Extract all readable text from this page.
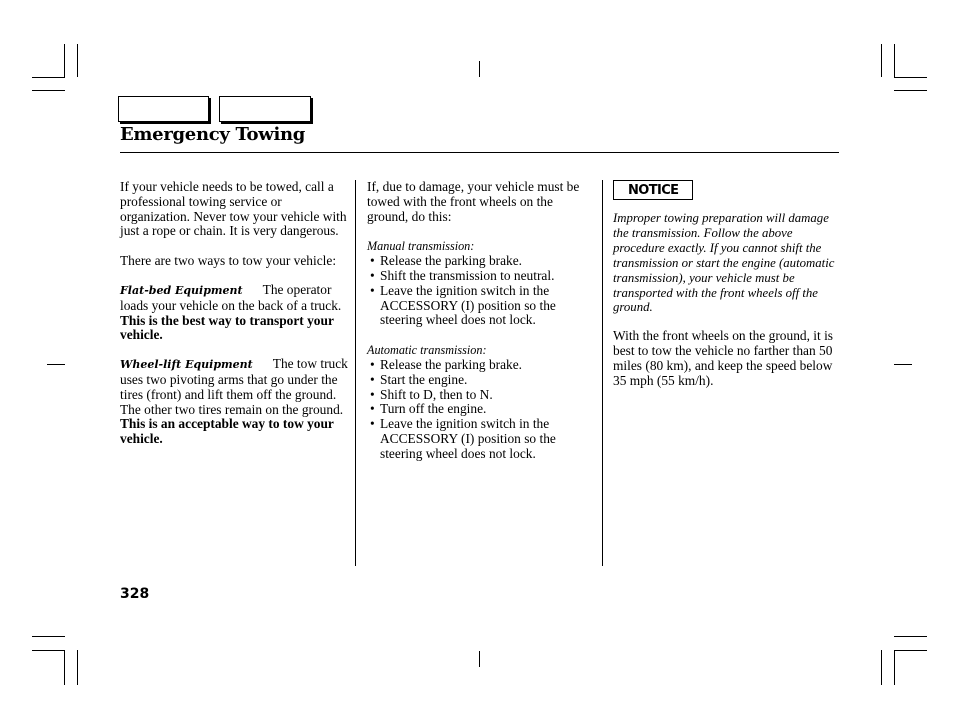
Emergency Towing

If your vehicle needs to be towed, call a professional towing service or organization. Never tow your vehicle with just a rope or chain. It is very dangerous.

There are two ways to tow your vehicle:

Flat-bed Equipment The operator loads your vehicle on the back of a truck. This is the best way to transport your vehicle.

Wheel-lift Equipment The tow truck uses two pivoting arms that go under the tires (front) and lift them off the ground. The other two tires remain on the ground. This is an acceptable way to tow your vehicle.

If, due to damage, your vehicle must be towed with the front wheels on the ground, do this:

Manual transmission:

• Release the parking brake.
• Shift the transmission to neutral.
• Leave the ignition switch in the ACCESSORY (I) position so the steering wheel does not lock.

Automatic transmission:

• Release the parking brake.
• Start the engine.
• Shift to D, then to N.
• Turn off the engine.
• Leave the ignition switch in the ACCESSORY (I) position so the steering wheel does not lock.
NOTICE

Improper towing preparation will damage the transmission. Follow the above procedure exactly. If you cannot shift the transmission or start the engine (automatic transmission), your vehicle must be transported with the front wheels off the ground.

With the front wheels on the ground, it is best to tow the vehicle no farther than 50 miles (80 km), and keep the speed below 35 mph (55 km/h).

328
